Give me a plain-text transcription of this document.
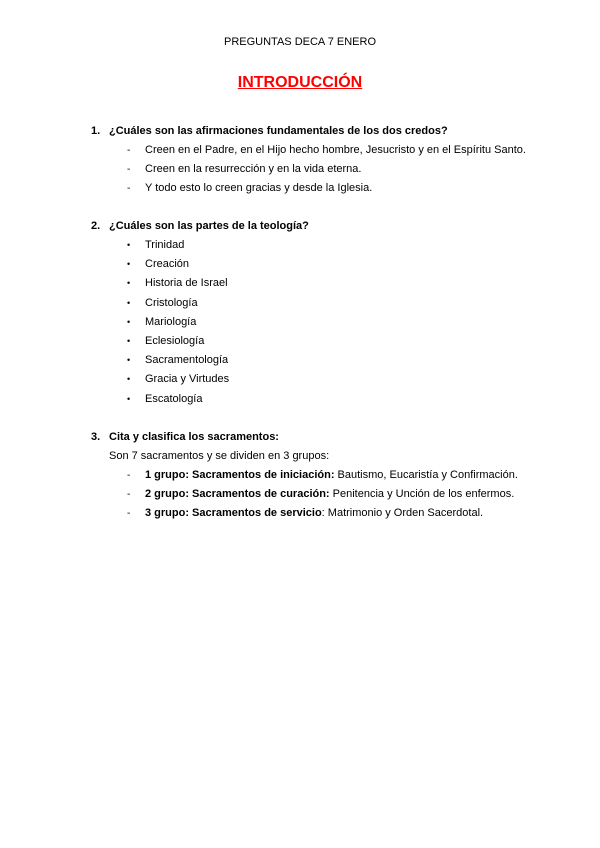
PREGUNTAS DECA 7 ENERO
INTRODUCCIÓN
1. ¿Cuáles son las afirmaciones fundamentales de los dos credos?
-	Creen en el Padre, en el Hijo hecho hombre, Jesucristo y en el Espíritu Santo.
-	Creen en la resurrección y en la vida eterna.
-	Y todo esto lo creen gracias y desde la Iglesia.
2. ¿Cuáles son las partes de la teología?
•	Trinidad
•	Creación
•	Historia de Israel
•	Cristología
•	Mariología
•	Eclesiología
•	Sacramentología
•	Gracia y Virtudes
•	Escatología
3. Cita y clasifica los sacramentos:
Son 7 sacramentos y se dividen en 3 grupos:
-	1 grupo: Sacramentos de iniciación: Bautismo, Eucaristía y Confirmación.
-	2 grupo: Sacramentos de curación: Penitencia y Unción de los enfermos.
-	3 grupo: Sacramentos de servicio: Matrimonio y Orden Sacerdotal.
